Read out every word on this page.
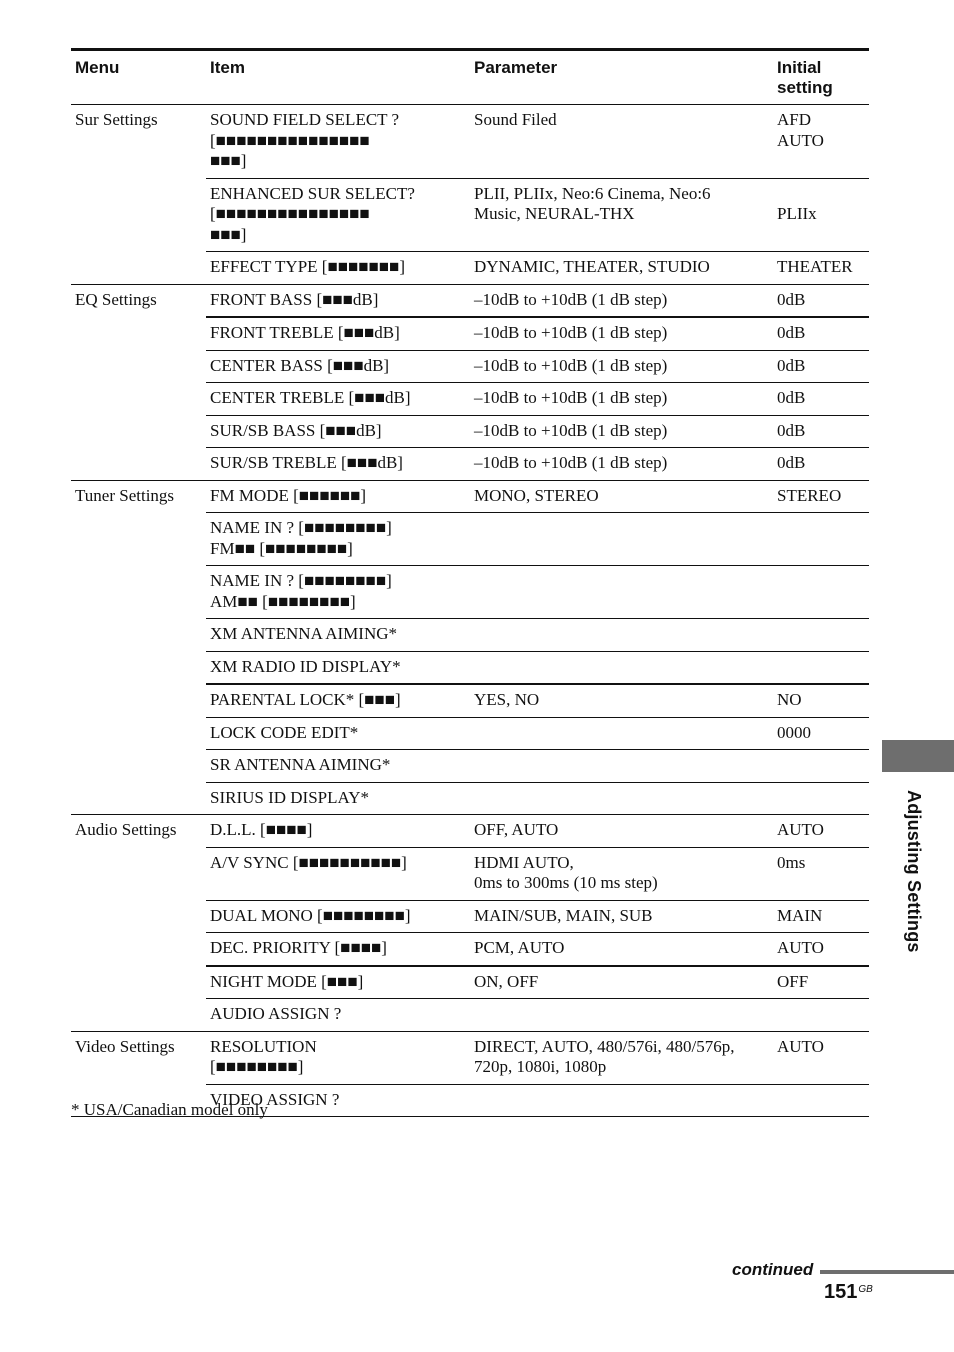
Menu	Item	Parameter	Initial
setting
Sur Settings	SOUND FIELD SELECT ?
[■■■■■■■■■■■■■■■
■■■]	Sound Filed	AFD
AUTO
	ENHANCED SUR SELECT?
[■■■■■■■■■■■■■■■
■■■]	PLII, PLIIx, Neo:6 Cinema, Neo:6
Music, NEURAL-THX	PLIIx
	EFFECT TYPE [■■■■■■■]	DYNAMIC, THEATER, STUDIO	THEATER
EQ Settings	FRONT BASS [■■■dB]	–10dB to +10dB (1 dB step)	0dB
	FRONT TREBLE [■■■dB]	–10dB to +10dB (1 dB step)	0dB
	CENTER BASS [■■■dB]	–10dB to +10dB (1 dB step)	0dB
	CENTER TREBLE [■■■dB]	–10dB to +10dB (1 dB step)	0dB
	SUR/SB BASS [■■■dB]	–10dB to +10dB (1 dB step)	0dB
	SUR/SB TREBLE [■■■dB]	–10dB to +10dB (1 dB step)	0dB
Tuner Settings	FM MODE [■■■■■■]	MONO, STEREO	STEREO
	NAME IN ? [■■■■■■■■]
FM■■ [■■■■■■■■]		
	NAME IN ? [■■■■■■■■]
AM■■ [■■■■■■■■]		
	XM ANTENNA AIMING*		
	XM RADIO ID DISPLAY*		
	PARENTAL LOCK* [■■■]	YES, NO	NO
	LOCK CODE EDIT*		0000
	SR ANTENNA AIMING*		
	SIRIUS ID DISPLAY*		
Audio Settings	D.L.L. [■■■■]	OFF, AUTO	AUTO
	A/V SYNC [■■■■■■■■■■]	HDMI AUTO,
0ms to 300ms (10 ms step)	0ms
	DUAL MONO [■■■■■■■■]	MAIN/SUB, MAIN, SUB	MAIN
	DEC. PRIORITY [■■■■]	PCM, AUTO	AUTO
	NIGHT MODE [■■■]	ON, OFF	OFF
	AUDIO ASSIGN ?		
Video Settings	RESOLUTION
[■■■■■■■■]	DIRECT, AUTO, 480/576i, 480/576p,
720p, 1080i, 1080p	AUTO
	VIDEO ASSIGN ?		
* USA/Canadian model only
Adjusting Settings
continued
$151^{GB}$
